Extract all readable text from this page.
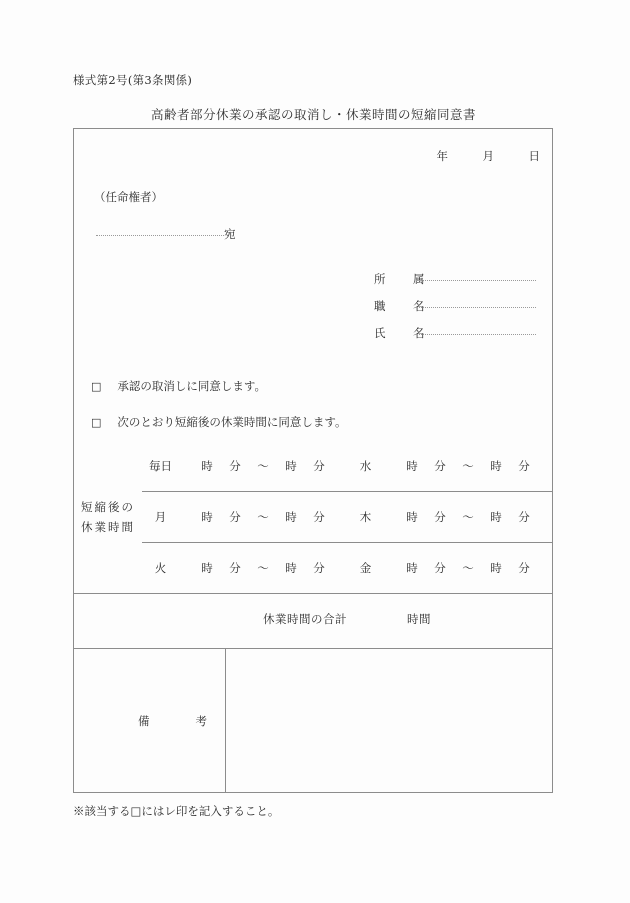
様式第2号(第3条関係)
高齢者部分休業の承認の取消し・休業時間の短縮同意書
年　　　月　　　日
（任命権者）
宛
所　属
職　名
氏　名
□ 承認の取消しに同意します。
□ 次のとおり短縮後の休業時間に同意します。
短縮後の
休業時間
	毎日	時 分 ～ 時 分	水	時 分 ～ 時 分

	月	時 分 ～ 時 分	木	時 分 ～ 時 分

	火	時 分 ～ 時 分	金	時 分 ～ 時 分

	休業時間の合計　　　　　時間			
備 考
※該当する□にはレ印を記入すること。
